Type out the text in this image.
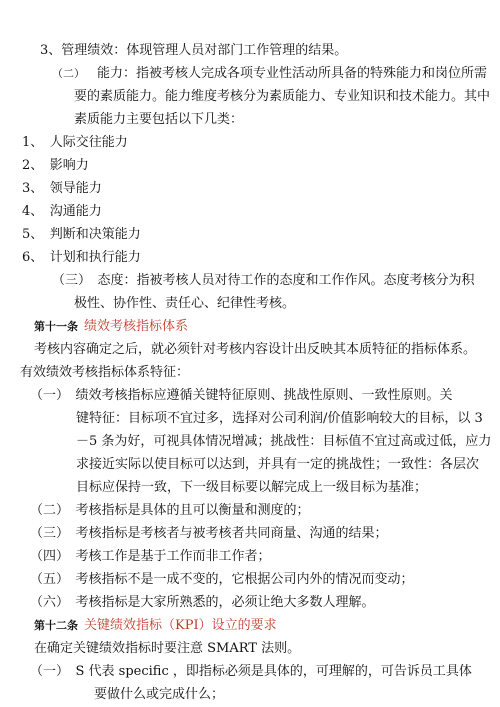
3、管理绩效：体现管理人员对部门工作管理的结果。
（二） 能力：指被考核人完成各项专业性活动所具备的特殊能力和岗位所需
要的素质能力。能力维度考核分为素质能力、专业知识和技术能力。其中
素质能力主要包括以下几类：
1、　人际交往能力
2、　影响力
3、　领导能力
4、　沟通能力
5、　判断和决策能力
6、　计划和执行能力
（三）　态度：指被考核人员对待工作的态度和工作作风。态度考核分为积
极性、协作性、责任心、纪律性考核。
第十一条 绩效考核指标体系
考核内容确定之后，就必须针对考核内容设计出反映其本质特征的指标体系。
有效绩效考核指标体系特征：
（一）　绩效考核指标应遵循关键特征原则、挑战性原则、一致性原则。关
键特征：目标项不宜过多，选择对公司利润/价值影响较大的目标，以 3
－5 条为好，可视具体情况增减；挑战性：目标值不宜过高或过低，应力
求接近实际以使目标可以达到，并具有一定的挑战性；一致性：各层次
目标应保持一致，下一级目标要以解完成上一级目标为基准；
（二）　考核指标是具体的且可以衡量和测度的；
（三）　考核指标是考核者与被考核者共同商量、沟通的结果；
（四）　考核工作是基于工作而非工作者；
（五）　考核指标不是一成不变的，它根据公司内外的情况而变动；
（六）　考核指标是大家所熟悉的，必须让绝大多数人理解。
第十二条 关键绩效指标（KPI）设立的要求
在确定关键绩效指标时要注意 SMART 法则。
（一）　S 代表 specific ，即指标必须是具体的，可理解的，可告诉员工具体
要做什么或完成什么；
